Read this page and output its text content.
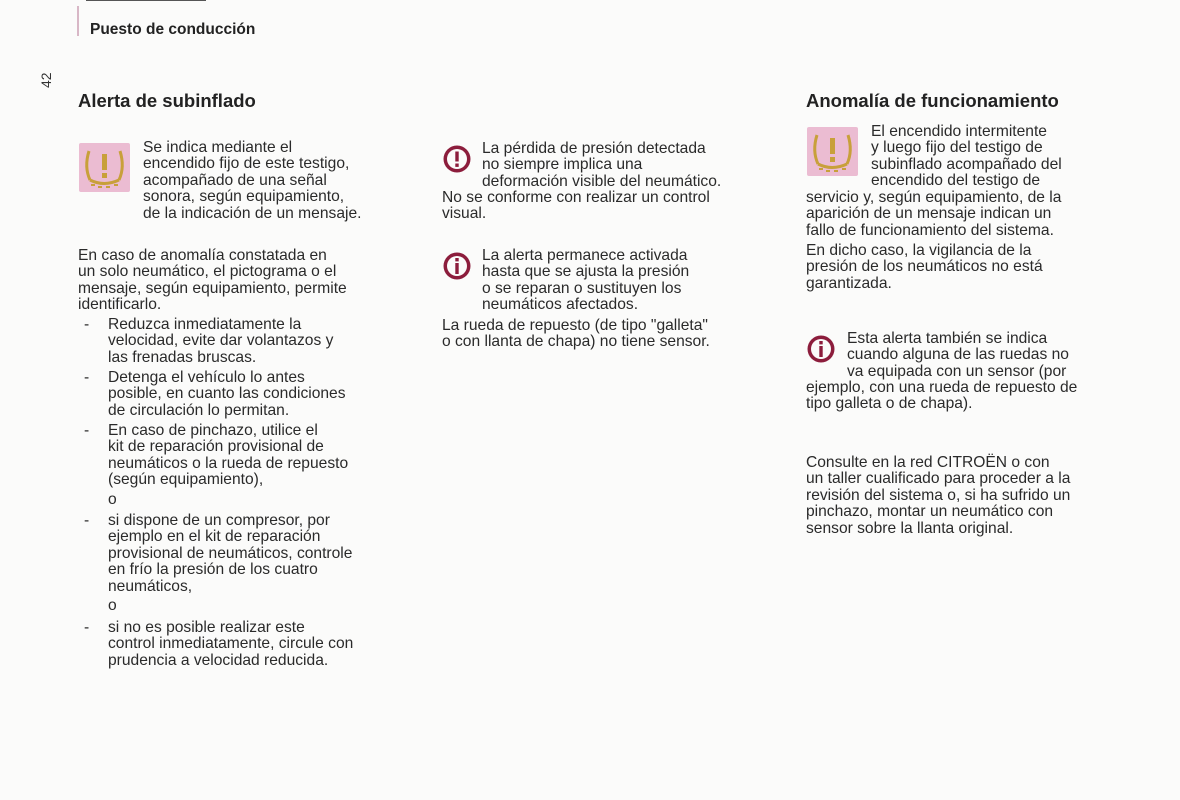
Puesto de conducción
42
Alerta de subinflado
Se indica mediante el
encendido fijo de este testigo,
acompañado de una señal
sonora, según equipamiento,
de la indicación de un mensaje.
En caso de anomalía constatada en
un solo neumático, el pictograma o el
mensaje, según equipamiento, permite
identificarlo.
- Reduzca inmediatamente la
velocidad, evite dar volantazos y
las frenadas bruscas.
- Detenga el vehículo lo antes
posible, en cuanto las condiciones
de circulación lo permitan.
- En caso de pinchazo, utilice el
kit de reparación provisional de
neumáticos o la rueda de repuesto
(según equipamiento),
o
- si dispone de un compresor, por
ejemplo en el kit de reparación
provisional de neumáticos, controle
en frío la presión de los cuatro
neumáticos,
o
- si no es posible realizar este
control inmediatamente, circule con
prudencia a velocidad reducida.
La pérdida de presión detectada
no siempre implica una
deformación visible del neumático.
No se conforme con realizar un control
visual.
La alerta permanece activada
hasta que se ajusta la presión
o se reparan o sustituyen los
neumáticos afectados.
La rueda de repuesto (de tipo "galleta"
o con llanta de chapa) no tiene sensor.
Anomalía de funcionamiento
El encendido intermitente
y luego fijo del testigo de
subinflado acompañado del
encendido del testigo de
servicio y, según equipamiento, de la
aparición de un mensaje indican un
fallo de funcionamiento del sistema.
En dicho caso, la vigilancia de la
presión de los neumáticos no está
garantizada.
Esta alerta también se indica
cuando alguna de las ruedas no
va equipada con un sensor (por
ejemplo, con una rueda de repuesto de
tipo galleta o de chapa).
Consulte en la red CITROËN o con
un taller cualificado para proceder a la
revisión del sistema o, si ha sufrido un
pinchazo, montar un neumático con
sensor sobre la llanta original.
